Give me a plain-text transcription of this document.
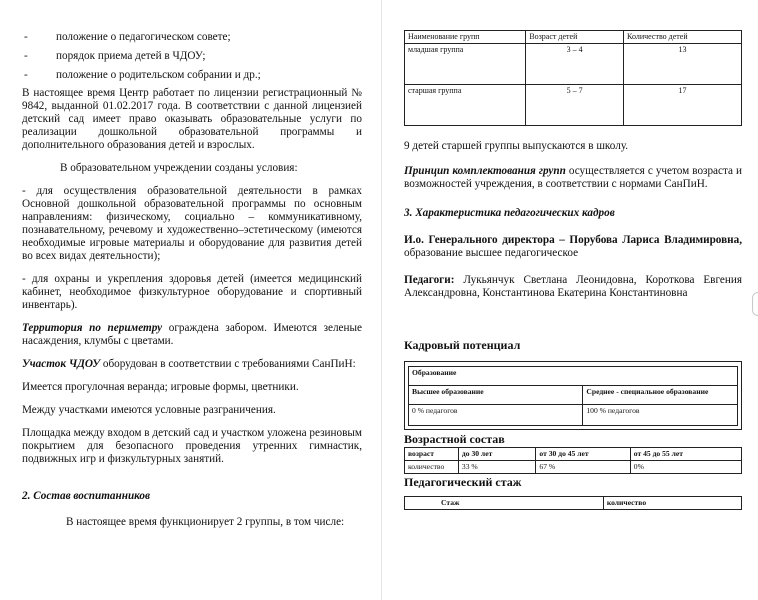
-	положение о педагогическом совете;
-	порядок приема детей в ЧДОУ;
-	положение о родительском собрании и др.;

В настоящее время Центр работает по лицензии регистрационный № 9842, выданной 01.02.2017 года. В соответствии с данной лицензией детский сад имеет право оказывать образовательные услуги по реализации дошкольной образовательной программы и дополнительного образования детей и взрослых.

В образовательном учреждении созданы условия:

- для осуществления образовательной деятельности в рамках Основной дошкольной образовательной программы по основным направлениям: физическому, социально – коммуникативному, познавательному, речевому и художественно–эстетическому (имеются необходимые игровые материалы и оборудование для развития детей во всех видах деятельности);

- для охраны и укрепления здоровья детей (имеется медицинский кабинет, необходимое физкультурное оборудование и спортивный инвентарь).

Территория по периметру ограждена забором. Имеются зеленые насаждения, клумбы с цветами.

Участок ЧДОУ оборудован в соответствии с требованиями СанПиН:

Имеется прогулочная веранда; игровые формы, цветники.

Между участками имеются условные разграничения.

Площадка между входом в детский сад и участком уложена резиновым покрытием для безопасного проведения утренних гимнастик, подвижных игр и физкультурных занятий.

2. Состав воспитанников

В настоящее время функционирует 2 группы, в том числе:

Наименование групп	Возраст детей	Количество детей
младшая группа	3 – 4	13
старшая группа	5 – 7	17

9 детей старшей группы выпускаются в школу.

Принцип комплектования групп осуществляется с учетом возраста и возможностей учреждения, в соответствии с нормами СанПиН.

3. Характеристика педагогических кадров

И.о. Генерального директора – Порубова Лариса Владимировна, образование высшее педагогическое

Педагоги: Лукьянчук Светлана Леонидовна, Короткова Евгения Александровна, Константинова Екатерина Константиновна

Кадровый потенциал

Образование	
Высшее образование	Среднее - специальное образование
0 % педагогов	100 % педагогов

Возрастной состав

возраст	до 30 лет	от 30 до 45 лет	от 45 до 55 лет
количество	33 %	67 %	0%

Педагогический стаж

Стаж	количество
